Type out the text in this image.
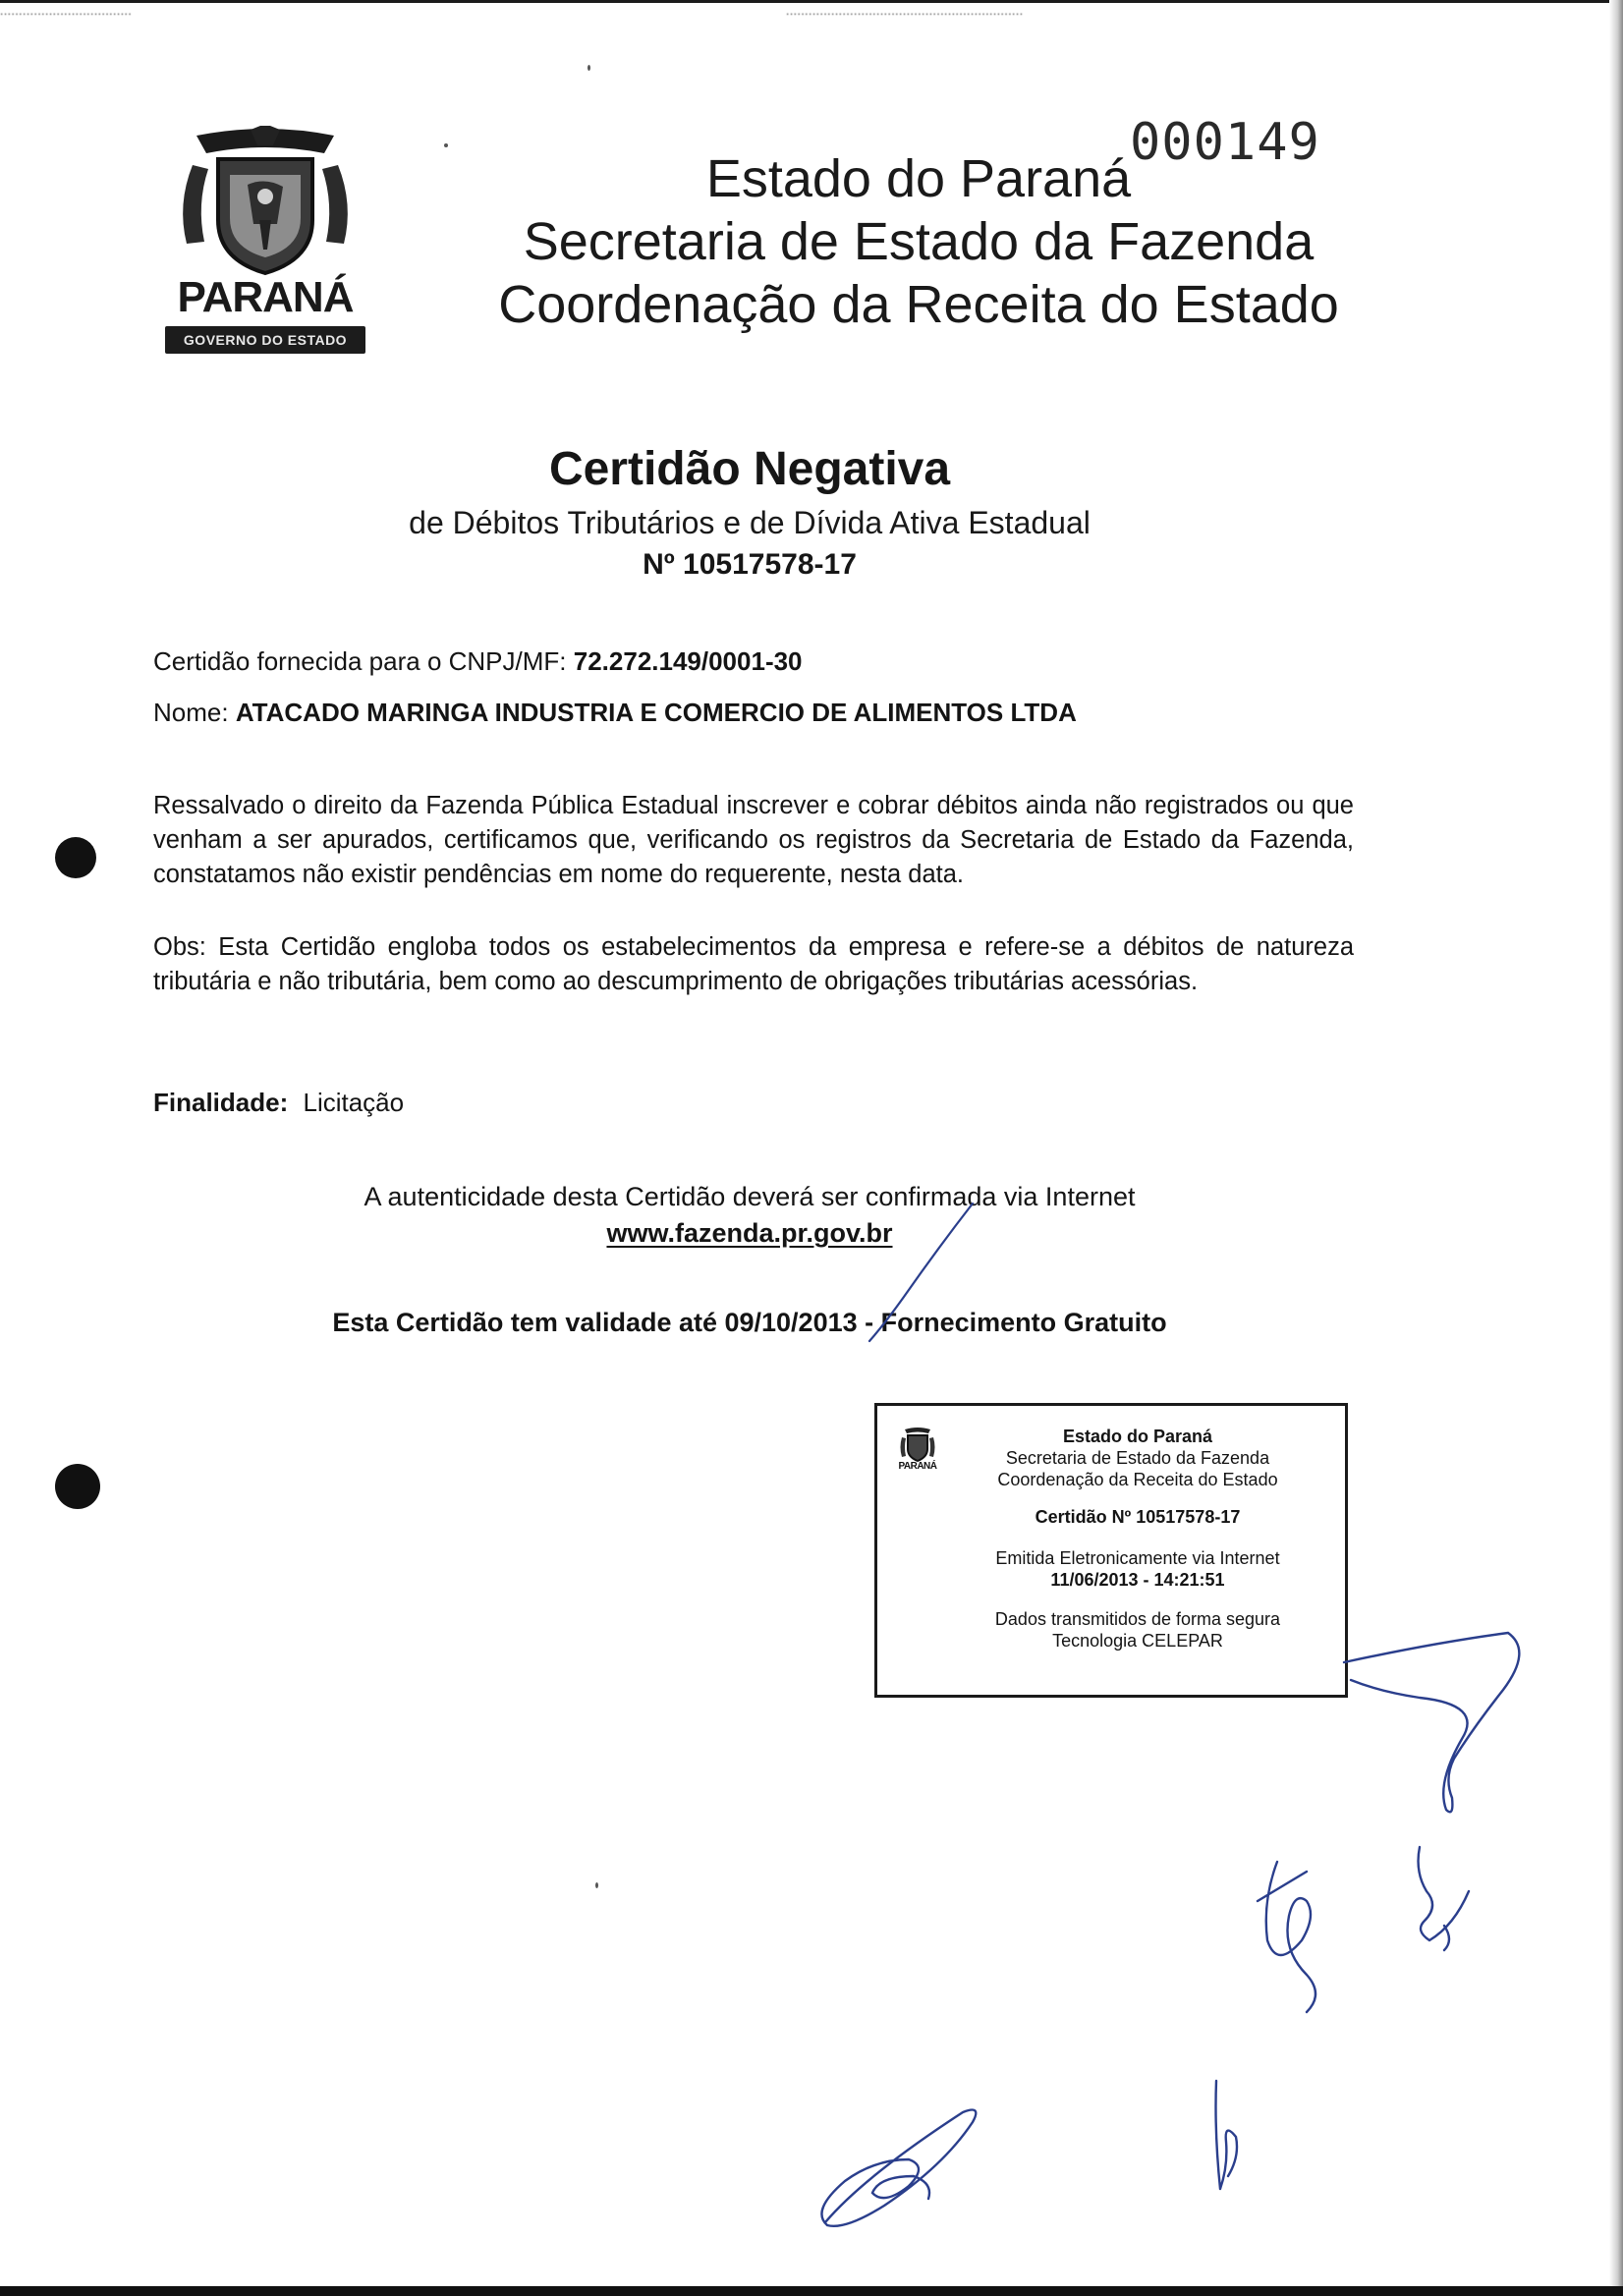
...................................	...............................................................
000149
PARANÁ
GOVERNO DO ESTADO
Estado do Paraná
Secretaria de Estado da Fazenda
Coordenação da Receita do Estado
Certidão Negativa
de Débitos Tributários e de Dívida Ativa Estadual
Nº 10517578-17
Certidão fornecida para o CNPJ/MF: 72.272.149/0001-30
Nome: ATACADO MARINGA INDUSTRIA E COMERCIO DE ALIMENTOS LTDA
Ressalvado o direito da Fazenda Pública Estadual inscrever e cobrar débitos ainda não registrados ou que venham a ser apurados, certificamos que, verificando os registros da Secretaria de Estado da Fazenda, constatamos não existir pendências em nome do requerente, nesta data.
Obs: Esta Certidão engloba todos os estabelecimentos da empresa e refere-se a débitos de natureza tributária e não tributária, bem como ao descumprimento de obrigações tributárias acessórias.
Finalidade: Licitação
A autenticidade desta Certidão deverá ser confirmada via Internet
www.fazenda.pr.gov.br
Esta Certidão tem validade até 09/10/2013 - Fornecimento Gratuito
PARANÁ
Estado do Paraná
Secretaria de Estado da Fazenda
Coordenação da Receita do Estado
Certidão Nº 10517578-17
Emitida Eletronicamente via Internet
11/06/2013 - 14:21:51
Dados transmitidos de forma segura
Tecnologia CELEPAR
